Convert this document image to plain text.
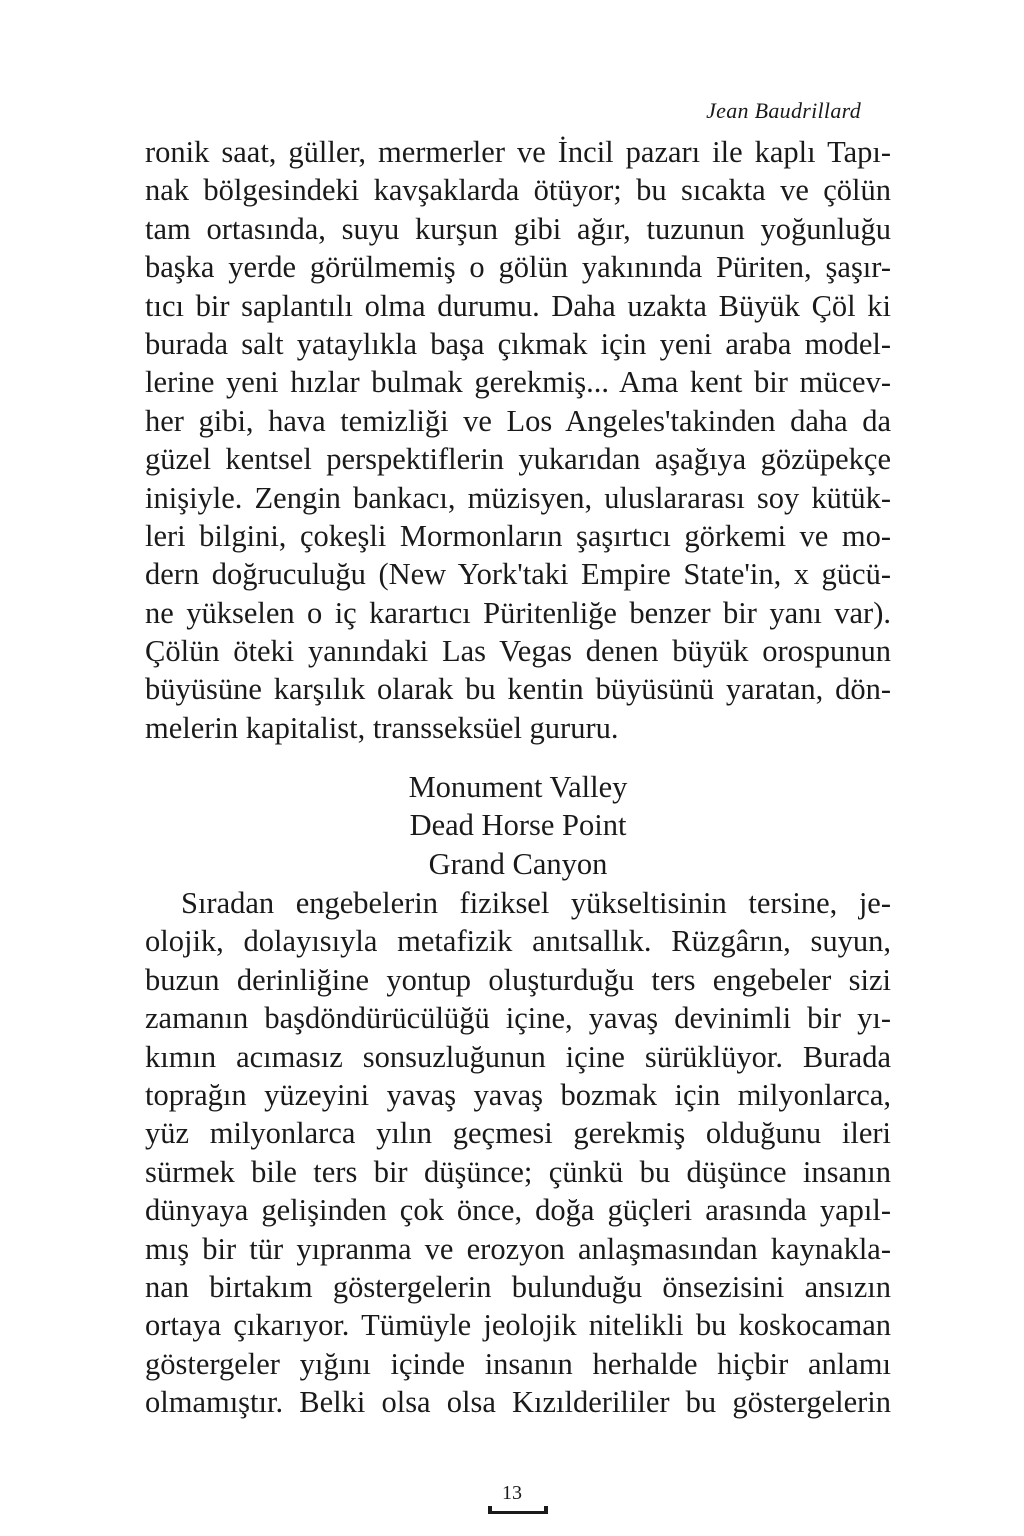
Jean Baudrillard
ronik saat, güller, mermerler ve İncil pazarı ile kaplı Tapı-
nak bölgesindeki kavşaklarda ötüyor; bu sıcakta ve çölün
tam ortasında, suyu kurşun gibi ağır, tuzunun yoğunluğu
başka yerde görülmemiş o gölün yakınında Püriten, şaşır-
tıcı bir saplantılı olma durumu. Daha uzakta Büyük Çöl ki
burada salt yataylıkla başa çıkmak için yeni araba model-
lerine yeni hızlar bulmak gerekmiş... Ama kent bir mücev-
her gibi, hava temizliği ve Los Angeles'takinden daha da
güzel kentsel perspektiflerin yukarıdan aşağıya gözüpekçe
inişiyle. Zengin bankacı, müzisyen, uluslararası soy kütük-
leri bilgini, çokeşli Mormonların şaşırtıcı görkemi ve mo-
dern doğruculuğu (New York'taki Empire State'in, x gücü-
ne yükselen o iç karartıcı Püritenliğe benzer bir yanı var).
Çölün öteki yanındaki Las Vegas denen büyük orospunun
büyüsüne karşılık olarak bu kentin büyüsünü yaratan, dön-
melerin kapitalist, transseksüel gururu.
Monument Valley
Dead Horse Point
Grand Canyon
Sıradan engebelerin fiziksel yükseltisinin tersine, je-
olojik, dolayısıyla metafizik anıtsallık. Rüzgârın, suyun,
buzun derinliğine yontup oluşturduğu ters engebeler sizi
zamanın başdöndürücülüğü içine, yavaş devinimli bir yı-
kımın acımasız sonsuzluğunun içine sürüklüyor. Burada
toprağın yüzeyini yavaş yavaş bozmak için milyonlarca,
yüz milyonlarca yılın geçmesi gerekmiş olduğunu ileri
sürmek bile ters bir düşünce; çünkü bu düşünce insanın
dünyaya gelişinden çok önce, doğa güçleri arasında yapıl-
mış bir tür yıpranma ve erozyon anlaşmasından kaynakla-
nan birtakım göstergelerin bulunduğu önsezisini ansızın
ortaya çıkarıyor. Tümüyle jeolojik nitelikli bu koskocaman
göstergeler yığını içinde insanın herhalde hiçbir anlamı
olmamıştır. Belki olsa olsa Kızılderililer bu göstergelerin
13
